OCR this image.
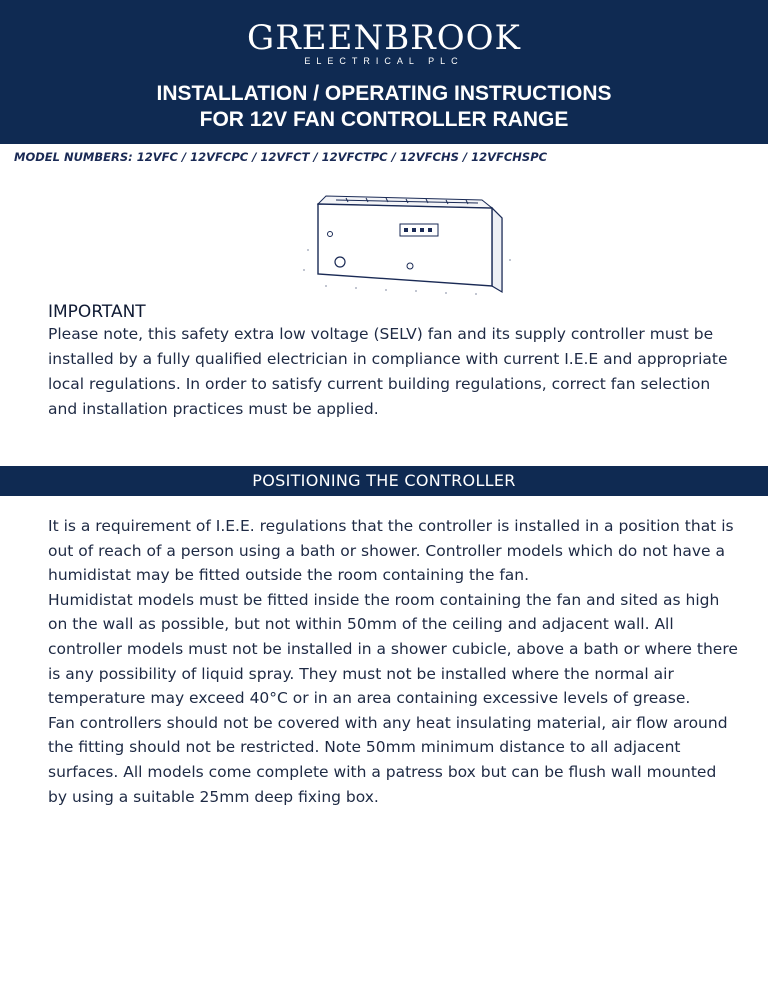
GREENBROOK
ELECTRICAL PLC
INSTALLATION / OPERATING INSTRUCTIONS
FOR 12V FAN CONTROLLER RANGE
MODEL NUMBERS: 12VFC / 12VFCPC / 12VFCT / 12VFCTPC / 12VFCHS / 12VFCHSPC
IMPORTANT
Please note, this safety extra low voltage (SELV) fan and its supply controller must be installed by a fully qualified electrician in compliance with current I.E.E and appropriate local regulations. In order to satisfy current building regulations, correct fan selection and installation practices must be applied.
POSITIONING THE CONTROLLER

It is a requirement of I.E.E. regulations that the controller is installed in a position that is out of reach of a person using a bath or shower. Controller models which do not have a humidistat may be fitted outside the room containing the fan.

Humidistat models must be fitted inside the room containing the fan and sited as high on the wall as possible, but not within 50mm of the ceiling and adjacent wall. All controller models must not be installed in a shower cubicle, above a bath or where there is any possibility of liquid spray. They must not be installed where the normal air temperature may exceed 40°C or in an area containing excessive levels of grease.

Fan controllers should not be covered with any heat insulating material, air flow around the fitting should not be restricted. Note 50mm minimum distance to all adjacent surfaces. All models come complete with a patress box but can be flush wall mounted by using a suitable 25mm deep fixing box.
